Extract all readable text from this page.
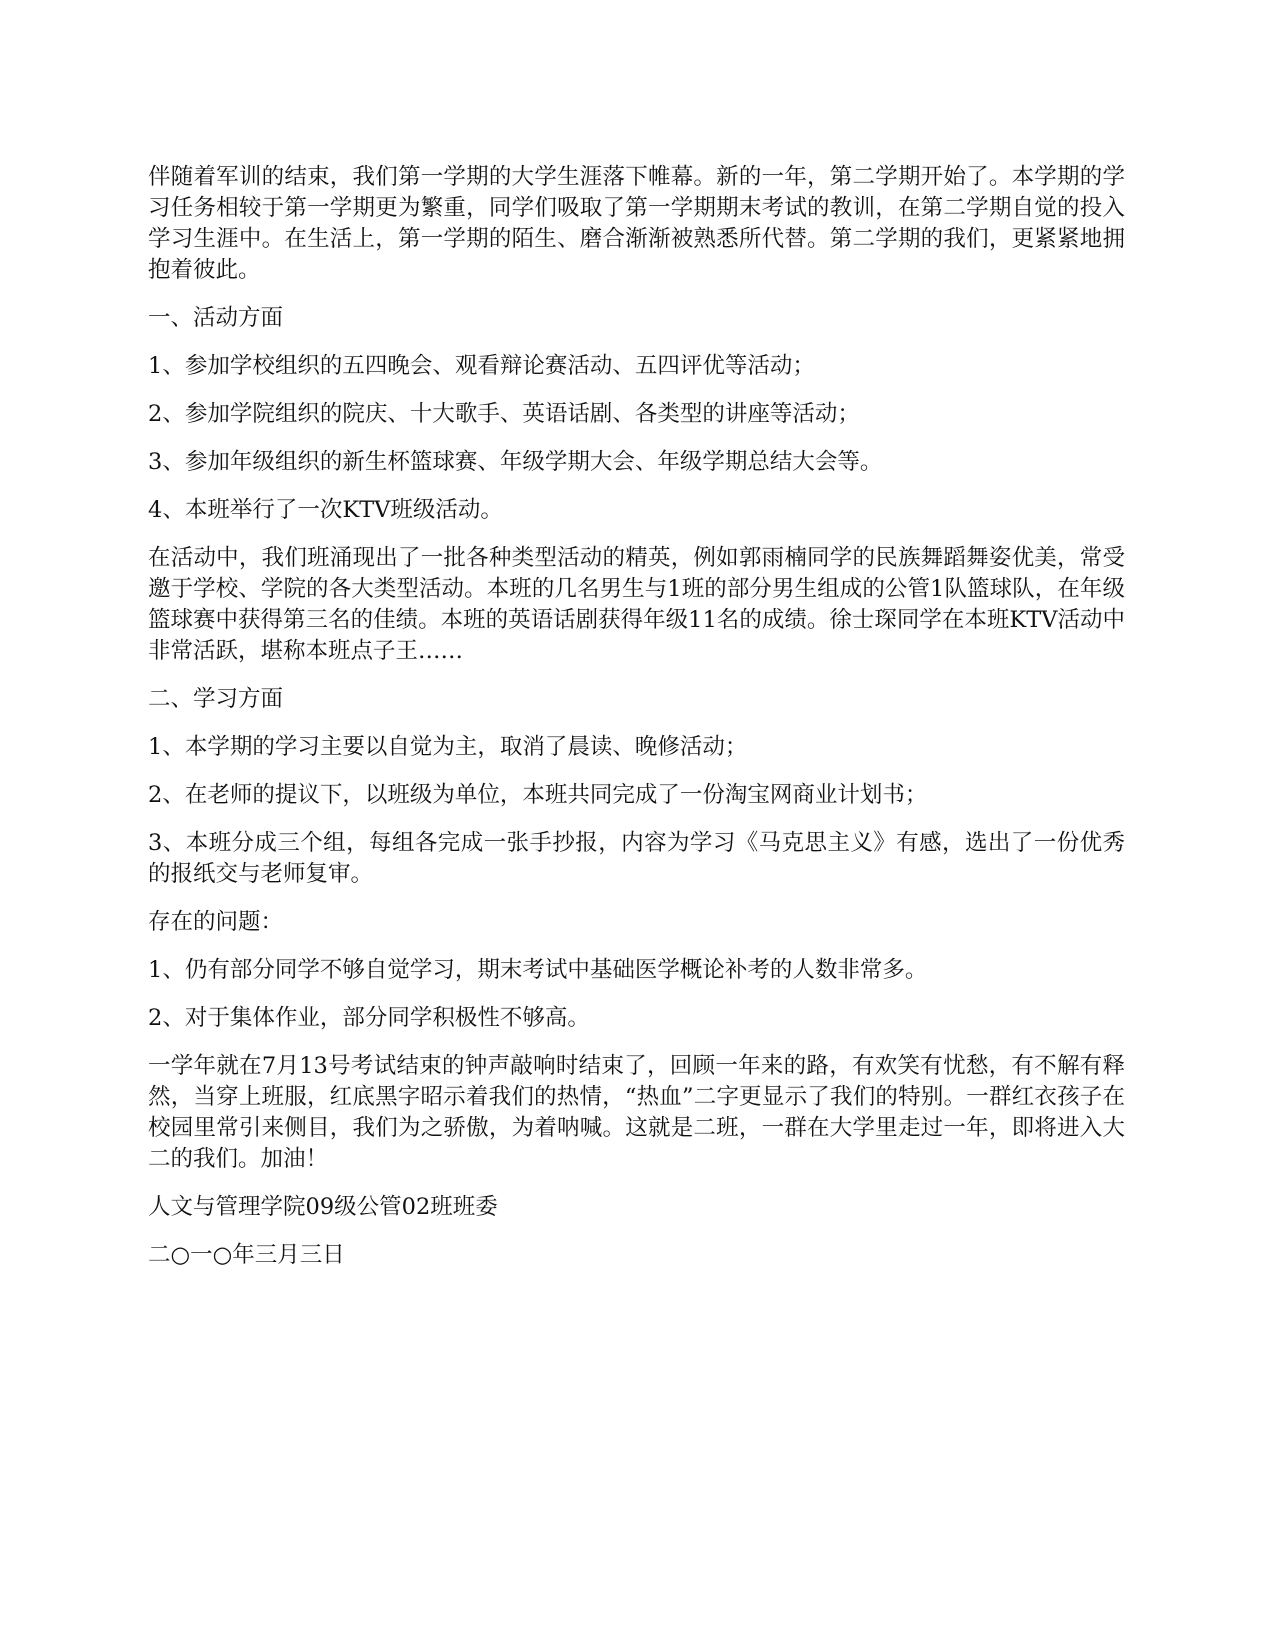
伴随着军训的结束，我们第一学期的大学生涯落下帷幕。新的一年，第二学期开始了。本学期的学习任务相较于第一学期更为繁重，同学们吸取了第一学期期末考试的教训，在第二学期自觉的投入学习生涯中。在生活上，第一学期的陌生、磨合渐渐被熟悉所代替。第二学期的我们，更紧紧地拥抱着彼此。

一、活动方面

1、参加学校组织的五四晚会、观看辩论赛活动、五四评优等活动；

2、参加学院组织的院庆、十大歌手、英语话剧、各类型的讲座等活动；

3、参加年级组织的新生杯篮球赛、年级学期大会、年级学期总结大会等。

4、本班举行了一次KTV班级活动。

在活动中，我们班涌现出了一批各种类型活动的精英，例如郭雨楠同学的民族舞蹈舞姿优美，常受邀于学校、学院的各大类型活动。本班的几名男生与1班的部分男生组成的公管1队篮球队，在年级篮球赛中获得第三名的佳绩。本班的英语话剧获得年级11名的成绩。徐士琛同学在本班KTV活动中非常活跃，堪称本班点子王……

二、学习方面

1、本学期的学习主要以自觉为主，取消了晨读、晚修活动；

2、在老师的提议下，以班级为单位，本班共同完成了一份淘宝网商业计划书；

3、本班分成三个组，每组各完成一张手抄报，内容为学习《马克思主义》有感，选出了一份优秀的报纸交与老师复审。

存在的问题：

1、仍有部分同学不够自觉学习，期末考试中基础医学概论补考的人数非常多。

2、对于集体作业，部分同学积极性不够高。

一学年就在7月13号考试结束的钟声敲响时结束了，回顾一年来的路，有欢笑有忧愁，有不解有释然，当穿上班服，红底黑字昭示着我们的热情，“热血”二字更显示了我们的特别。一群红衣孩子在校园里常引来侧目，我们为之骄傲，为着呐喊。这就是二班，一群在大学里走过一年，即将进入大二的我们。加油！

人文与管理学院09级公管02班班委

二○一○年三月三日
